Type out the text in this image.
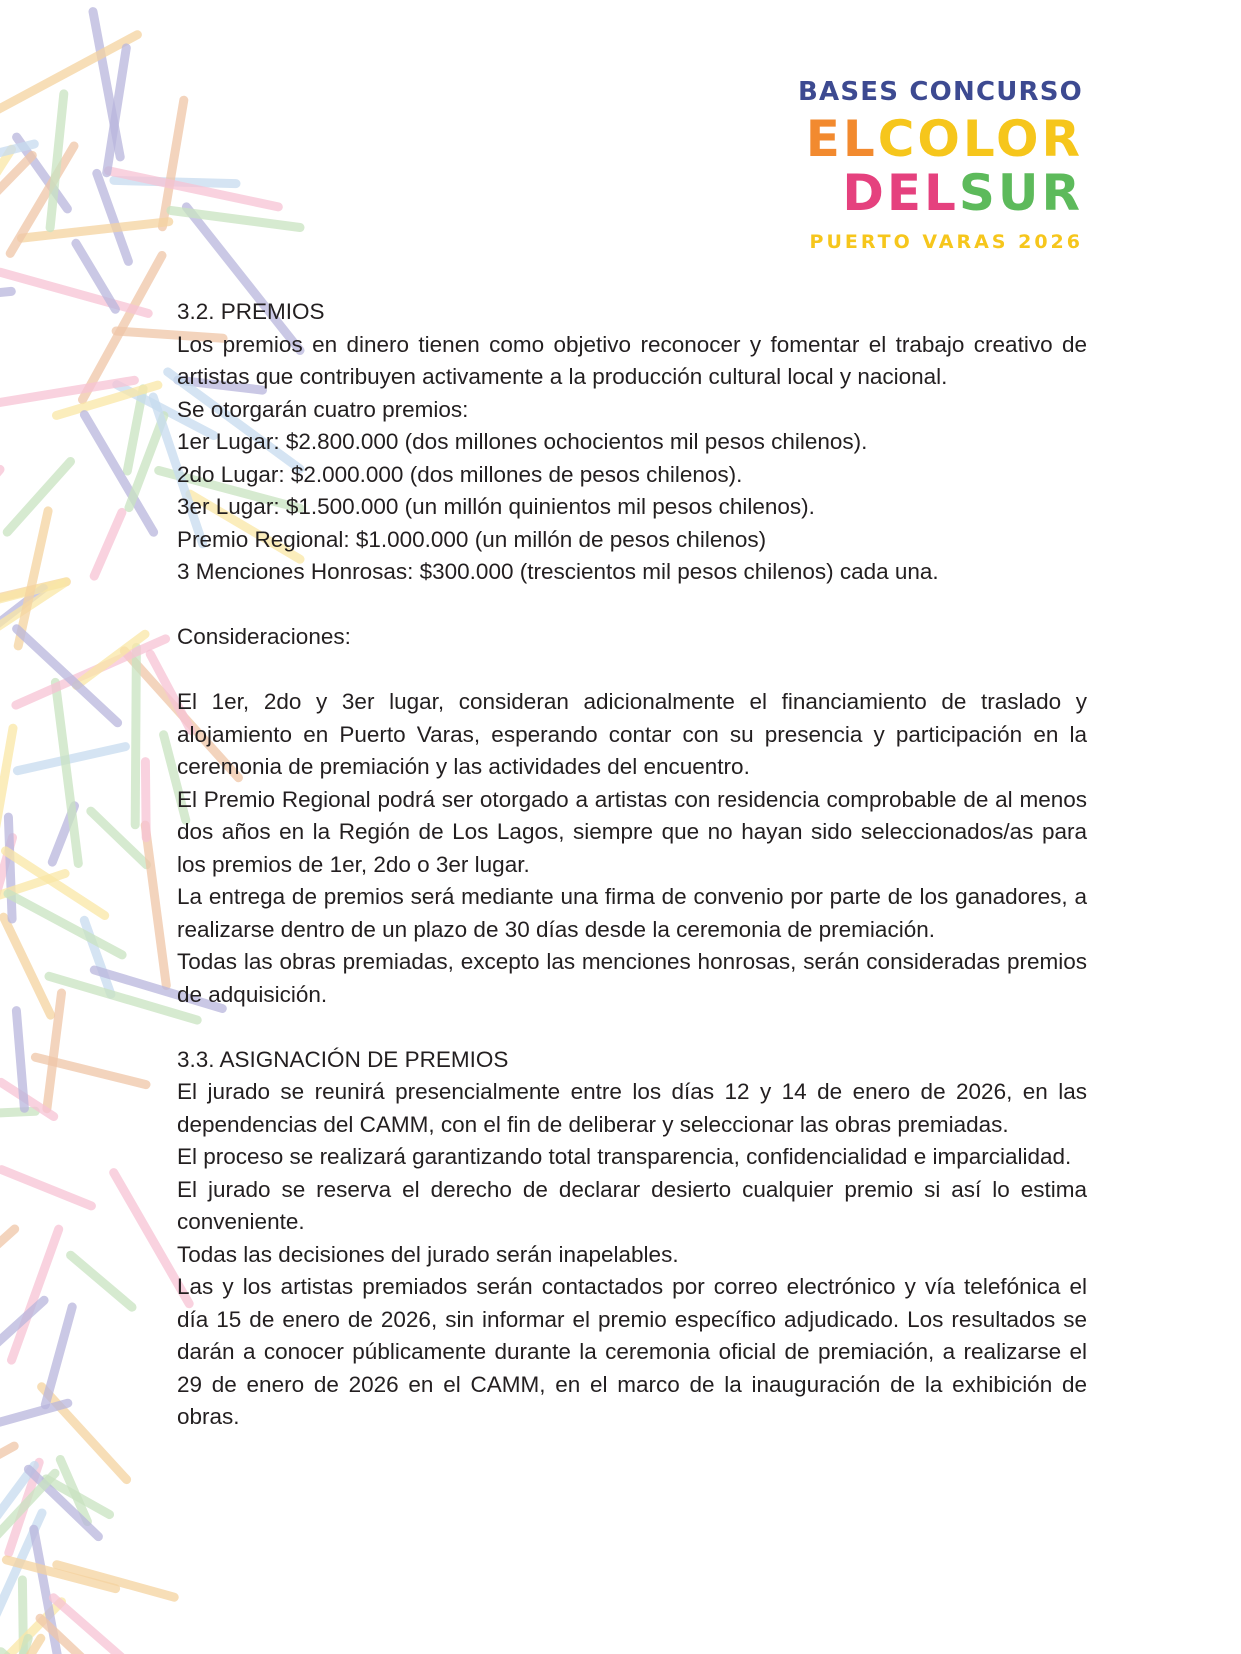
BASES CONCURSO
ELCOLOR
DELSUR
PUERTO VARAS 2026

3.2. PREMIOS

Los premios en dinero tienen como objetivo reconocer y fomentar el trabajo creativo de artistas que contribuyen activamente a la producción cultural local y nacional.

Se otorgarán cuatro premios:

1er Lugar: $2.800.000 (dos millones ochocientos mil pesos chilenos).

2do Lugar: $2.000.000 (dos millones de pesos chilenos).

3er Lugar: $1.500.000 (un millón quinientos mil pesos chilenos).

Premio Regional: $1.000.000 (un millón de pesos chilenos)

3 Menciones Honrosas: $300.000 (trescientos mil pesos chilenos) cada una.

Consideraciones:

El 1er, 2do y 3er lugar, consideran adicionalmente el financiamiento de traslado y alojamiento en Puerto Varas, esperando contar con su presencia y participación en la ceremonia de premiación y las actividades del encuentro.

El Premio Regional podrá ser otorgado a artistas con residencia comprobable de al menos dos años en la Región de Los Lagos, siempre que no hayan sido seleccionados/as para los premios de 1er, 2do o 3er lugar.

La entrega de premios será mediante una firma de convenio por parte de los ganadores, a realizarse dentro de un plazo de 30 días desde la ceremonia de premiación.

Todas las obras premiadas, excepto las menciones honrosas, serán consideradas premios de adquisición.

3.3. ASIGNACIÓN DE PREMIOS

El jurado se reunirá presencialmente entre los días 12 y 14 de enero de 2026, en las dependencias del CAMM, con el fin de deliberar y seleccionar las obras premiadas.

El proceso se realizará garantizando total transparencia, confidencialidad e imparcialidad.

El jurado se reserva el derecho de declarar desierto cualquier premio si así lo estima conveniente.

Todas las decisiones del jurado serán inapelables.

Las y los artistas premiados serán contactados por correo electrónico y vía telefónica el día 15 de enero de 2026, sin informar el premio específico adjudicado. Los resultados se darán a conocer públicamente durante la ceremonia oficial de premiación, a realizarse el 29 de enero de 2026 en el CAMM, en el marco de la inauguración de la exhibición de obras.
